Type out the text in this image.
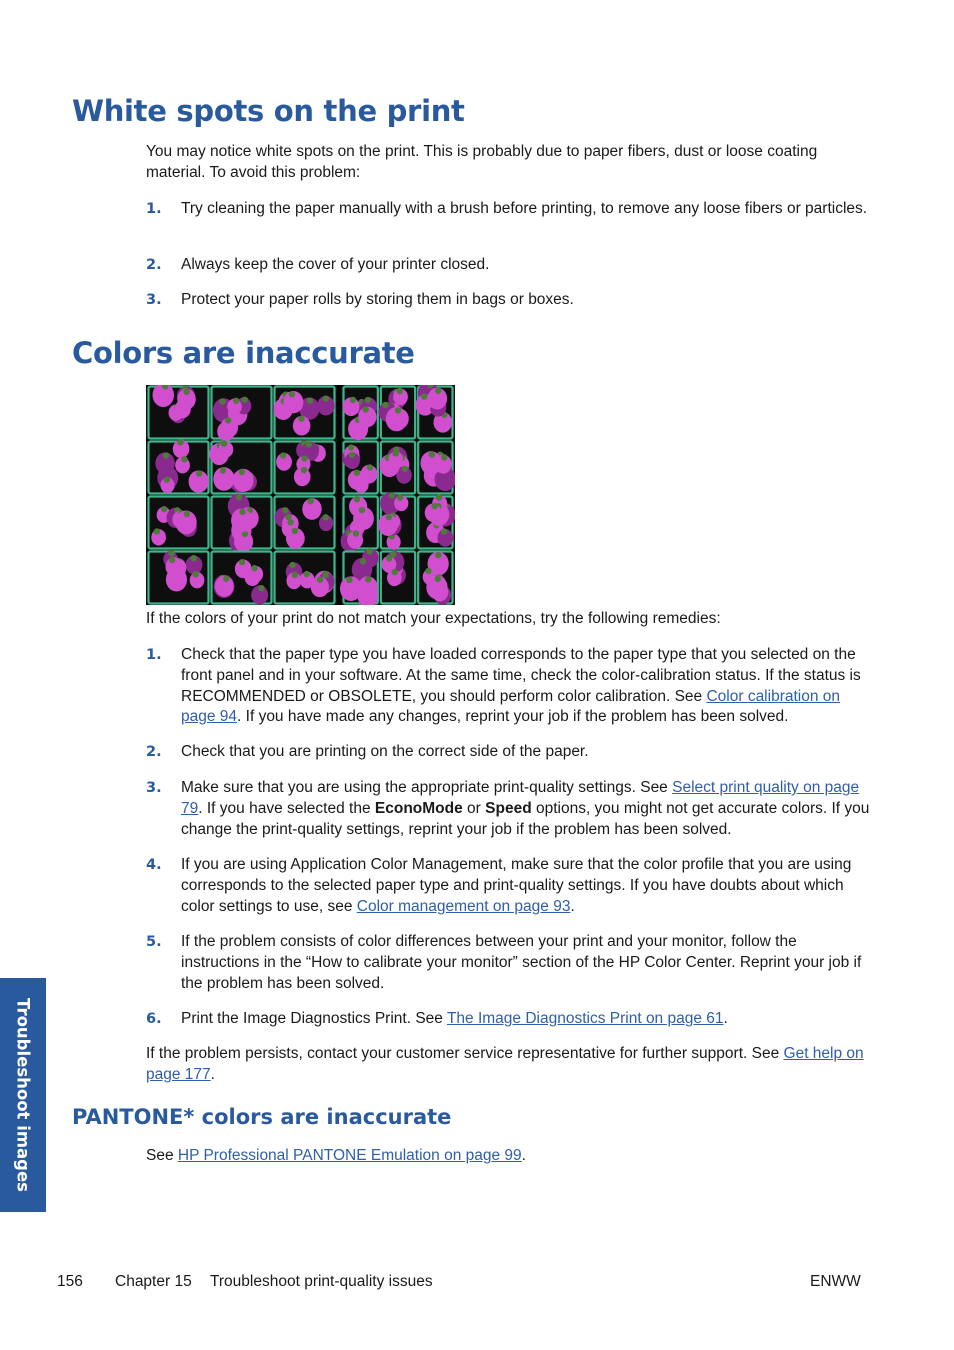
White spots on the print

You may notice white spots on the print. This is probably due to paper fibers, dust or loose coating material. To avoid this problem:

1.	Try cleaning the paper manually with a brush before printing, to remove any loose fibers or particles.
2.	Always keep the cover of your printer closed.
3.	Protect your paper rolls by storing them in bags or boxes.
Colors are inaccurate

If the colors of your print do not match your expectations, try the following remedies:

1.	Check that the paper type you have loaded corresponds to the paper type that you selected on the front panel and in your software. At the same time, check the color-calibration status. If the status is RECOMMENDED or OBSOLETE, you should perform color calibration. See Color calibration on page 94. If you have made any changes, reprint your job if the problem has been solved.
2.	Check that you are printing on the correct side of the paper.
3.	Make sure that you are using the appropriate print-quality settings. See Select print quality on page 79. If you have selected the EconoMode or Speed options, you might not get accurate colors. If you change the print-quality settings, reprint your job if the problem has been solved.
4.	If you are using Application Color Management, make sure that the color profile that you are using corresponds to the selected paper type and print-quality settings. If you have doubts about which color settings to use, see Color management on page 93.
5.	If the problem consists of color differences between your print and your monitor, follow the instructions in the “How to calibrate your monitor” section of the HP Color Center. Reprint your job if the problem has been solved.
6.	Print the Image Diagnostics Print. See The Image Diagnostics Print on page 61.

If the problem persists, contact your customer service representative for further support. See Get help on page 177.

PANTONE* colors are inaccurate

See HP Professional PANTONE Emulation on page 99.

Troubleshoot images
156 Chapter 15 Troubleshoot print-quality issues	ENWW
